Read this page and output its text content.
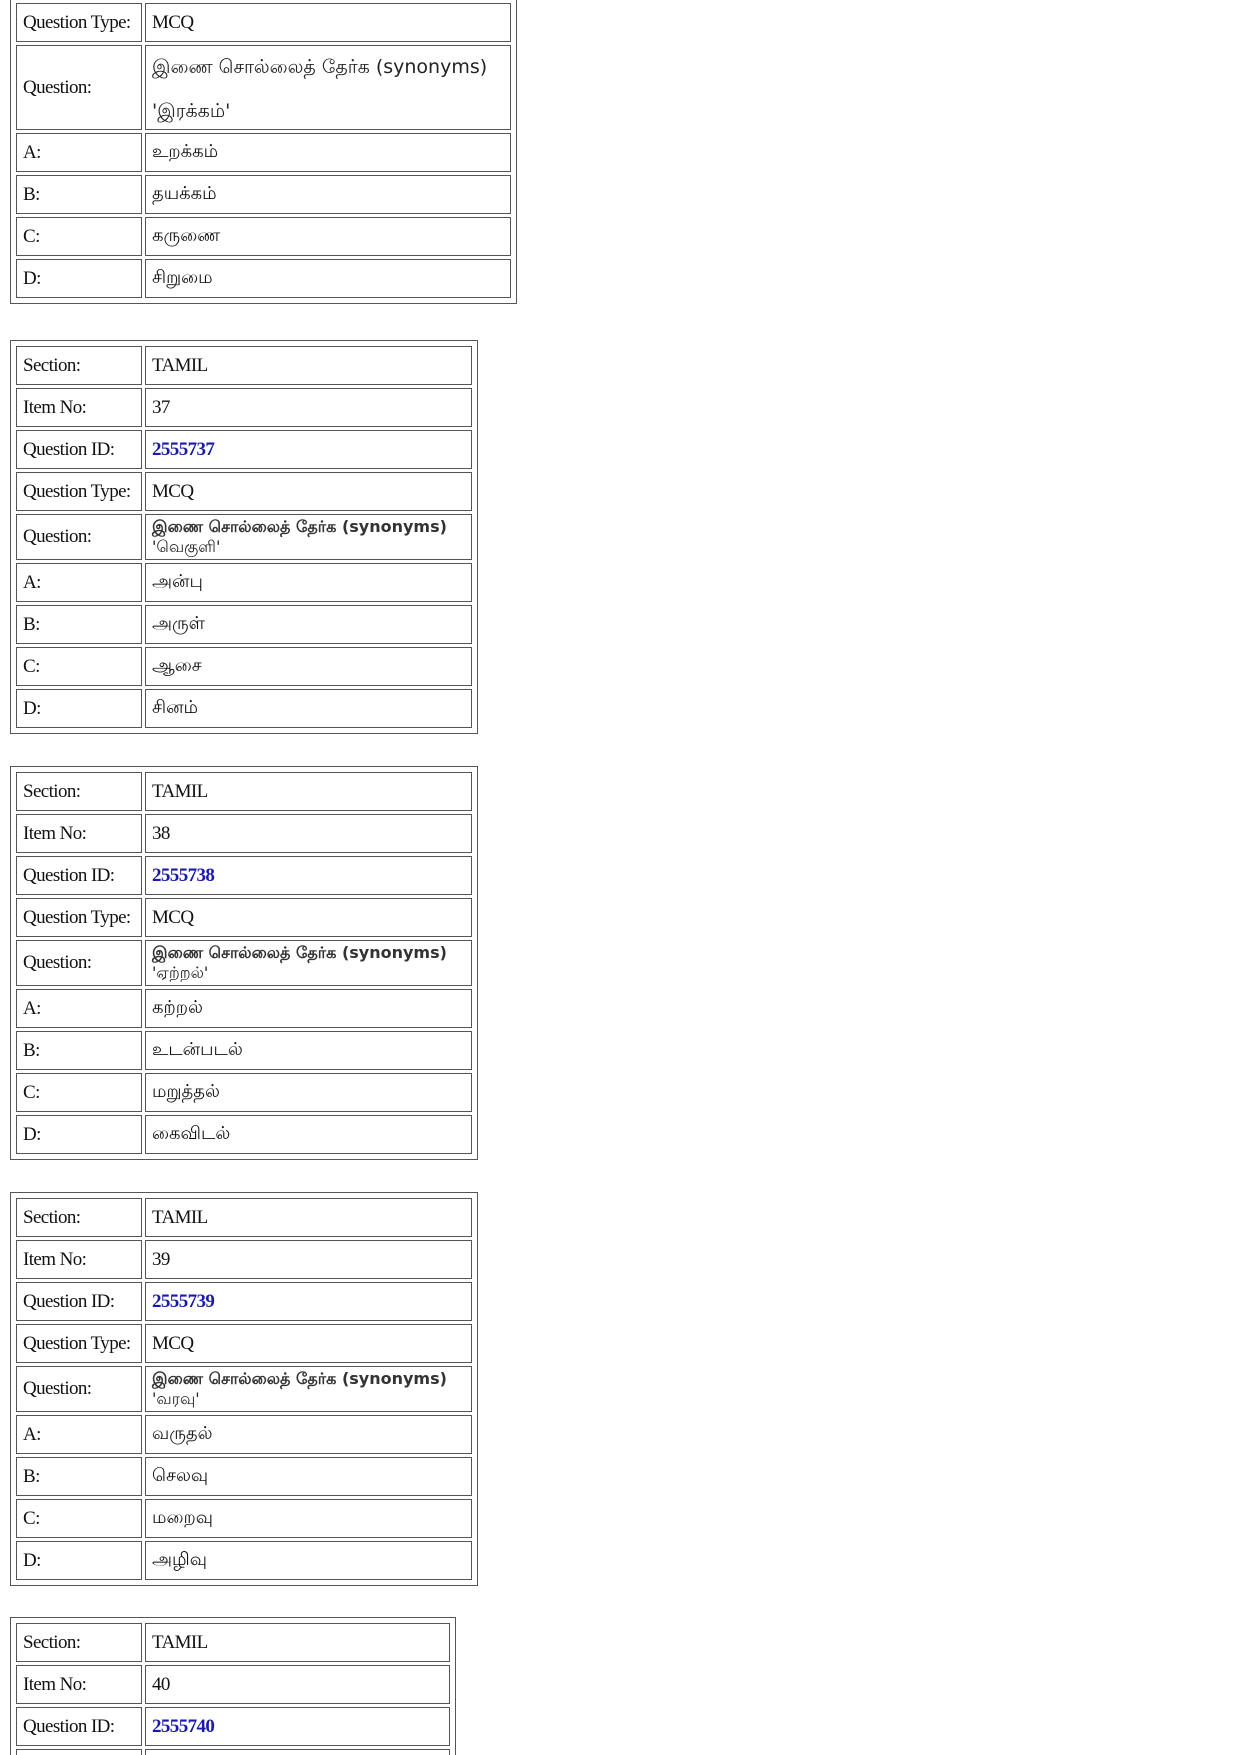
Question Type:	MCQ
Question:	இணை சொல்லைத் தேர்க (synonyms)
'இரக்கம்'
A:	உறக்கம்
B:	தயக்கம்
C:	கருணை
D:	சிறுமை
Section:	TAMIL
Item No:	37
Question ID:	2555737
Question Type:	MCQ
Question:	இணை சொல்லைத் தேர்க (synonyms)
'வெகுளி'

A:	அன்பு
B:	அருள்
C:	ஆசை
D:	சினம்
Section:	TAMIL
Item No:	38
Question ID:	2555738
Question Type:	MCQ
Question:	இணை சொல்லைத் தேர்க (synonyms)
'ஏற்றல்'

A:	கற்றல்
B:	உடன்படல்
C:	மறுத்தல்
D:	கைவிடல்
Section:	TAMIL
Item No:	39
Question ID:	2555739
Question Type:	MCQ
Question:	இணை சொல்லைத் தேர்க (synonyms)
'வரவு'

A:	வருதல்
B:	செலவு
C:	மறைவு
D:	அழிவு
Section:	TAMIL
Item No:	40
Question ID:	2555740
